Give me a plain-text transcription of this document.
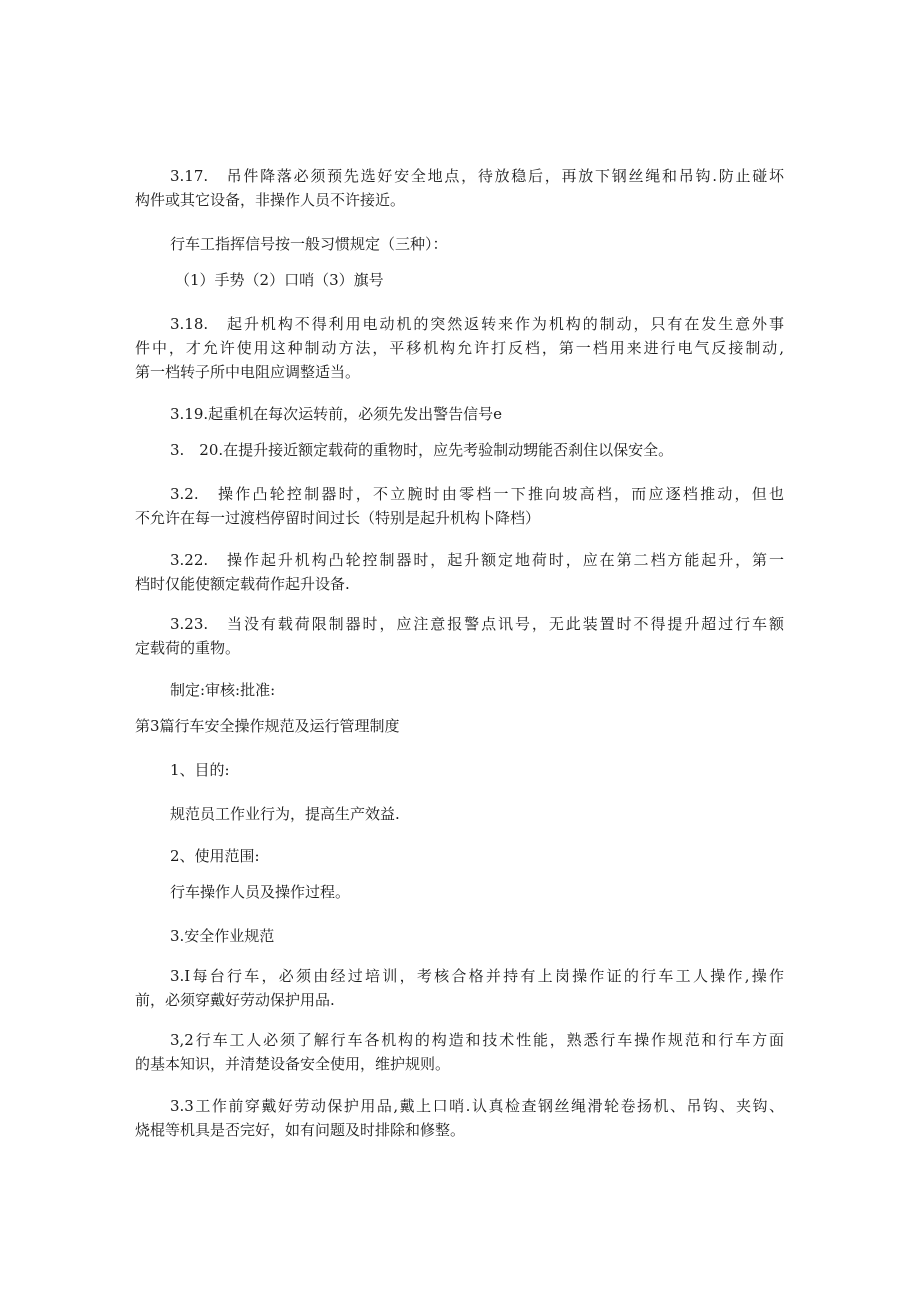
3.17.　吊件降落必须预先选好安全地点，待放稳后，再放下钢丝绳和吊钩.防止碰坏
构件或其它设备，非操作人员不许接近。
行车工指挥信号按一般习惯规定（三种）：
（1）手势（2）口哨（3）旗号
3.18.　起升机构不得利用电动机的突然返转来作为机构的制动，只有在发生意外事
件中，才允许使用这种制动方法，平移机构允许打反档，第一档用来进行电气反接制动,
第一档转子所中电阻应调整适当。
3.19.起重机在每次运转前，必须先发出警告信号e
3.　20.在提升接近额定载荷的重物时，应先考验制动甥能否刹住以保安全。
3.2.　操作凸轮控制器时，不立腕时由零档一下推向坡高档，而应逐档推动，但也
不允许在每一过渡档停留时间过长（特别是起升机构卜降档）
3.22.　操作起升机构凸轮控制器时，起升额定地荷时，应在第二档方能起升，第一
档时仅能使额定载荷作起升设备.
3.23.　当没有载荷限制器时，应注意报警点讯号，无此装置时不得提升超过行车额
定载荷的重物。
制定:审核:批准:
第3篇行车安全操作规范及运行管理制度
1、目的:
规范员工作业行为，提高生产效益.
2、使用范围:
行车操作人员及操作过程。
3.安全作业规范
3.I每台行车，必须由经过培训，考核合格并持有上岗操作证的行车工人操作,操作
前，必须穿戴好劳动保护用品.
3,2行车工人必须了解行车各机构的构造和技术性能，熟悉行车操作规范和行车方面
的基本知识，并清楚设备安全使用，维护规则。
3.3工作前穿戴好劳动保护用品,戴上口哨.认真检查钢丝绳滑轮卷扬机、吊钩、夹钩、
烧棍等机具是否完好，如有问题及时排除和修整。
